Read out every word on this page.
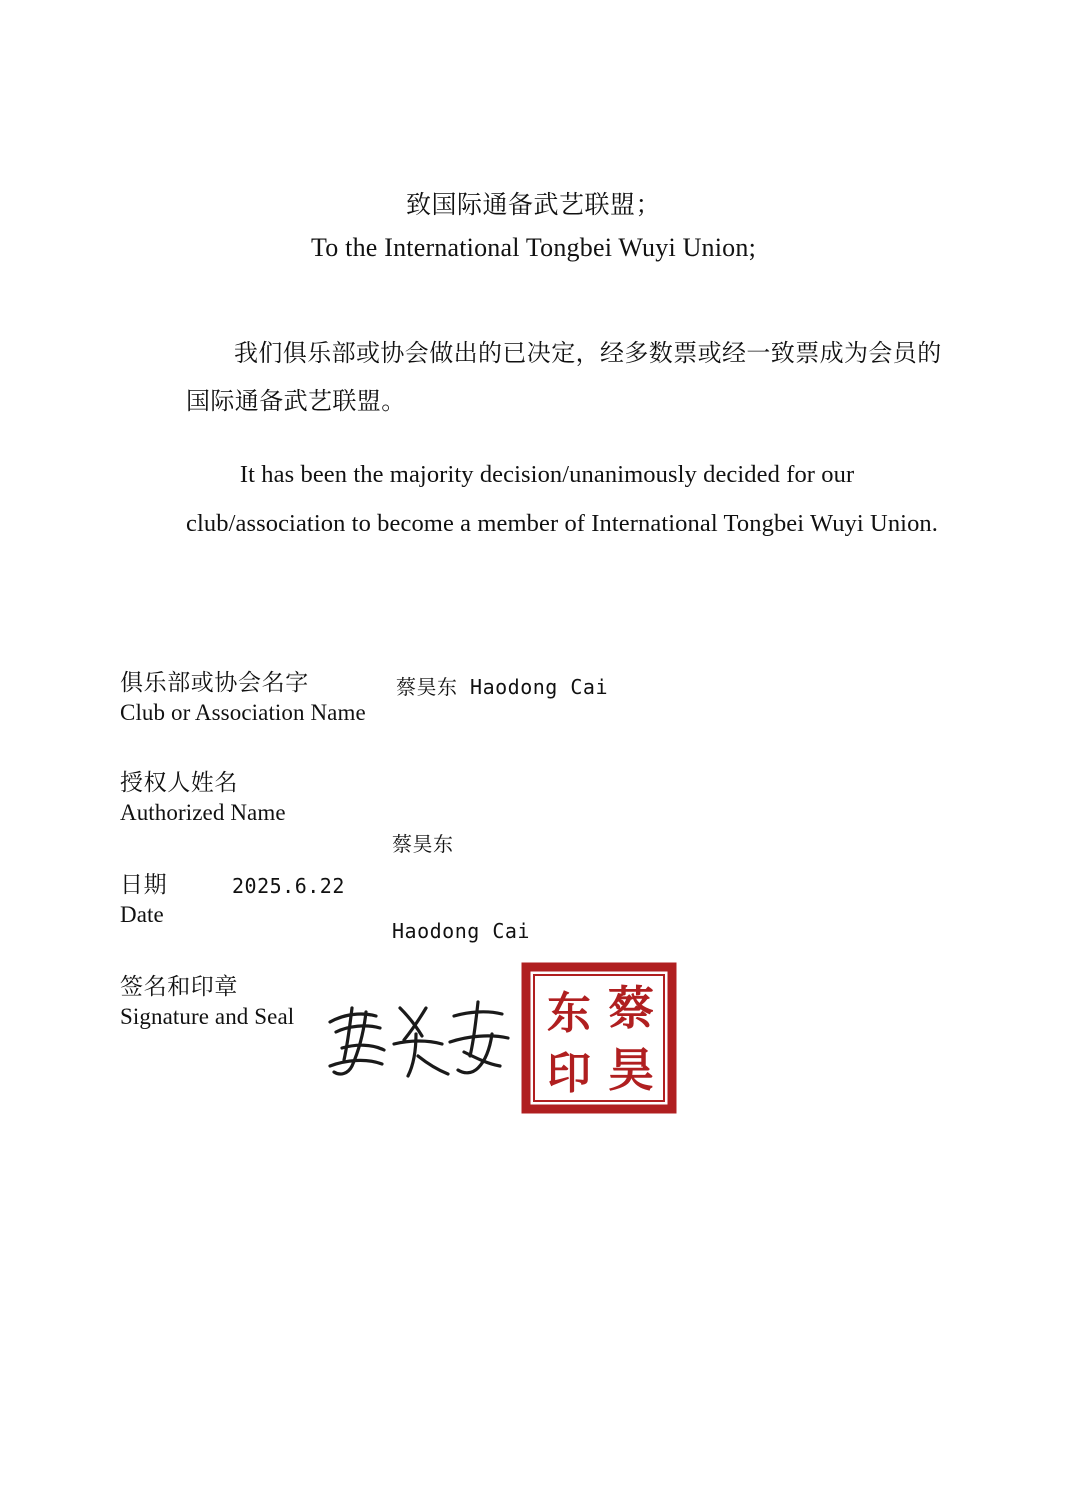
致国际通备武艺联盟；
To the International Tongbei Wuyi Union;
我们俱乐部或协会做出的已决定，经多数票或经一致票成为会员的国际通备武艺联盟。
It has been the majority decision/unanimously decided for our club/association to become a member of International Tongbei Wuyi Union.
俱乐部或协会名字
Club or Association Name
蔡昊东 Haodong Cai
授权人姓名
Authorized Name

蔡昊东

Haodong Cai

日期
Date
2025.6.22
签名和印章
Signature and Seal	东 蔡
印 昊
